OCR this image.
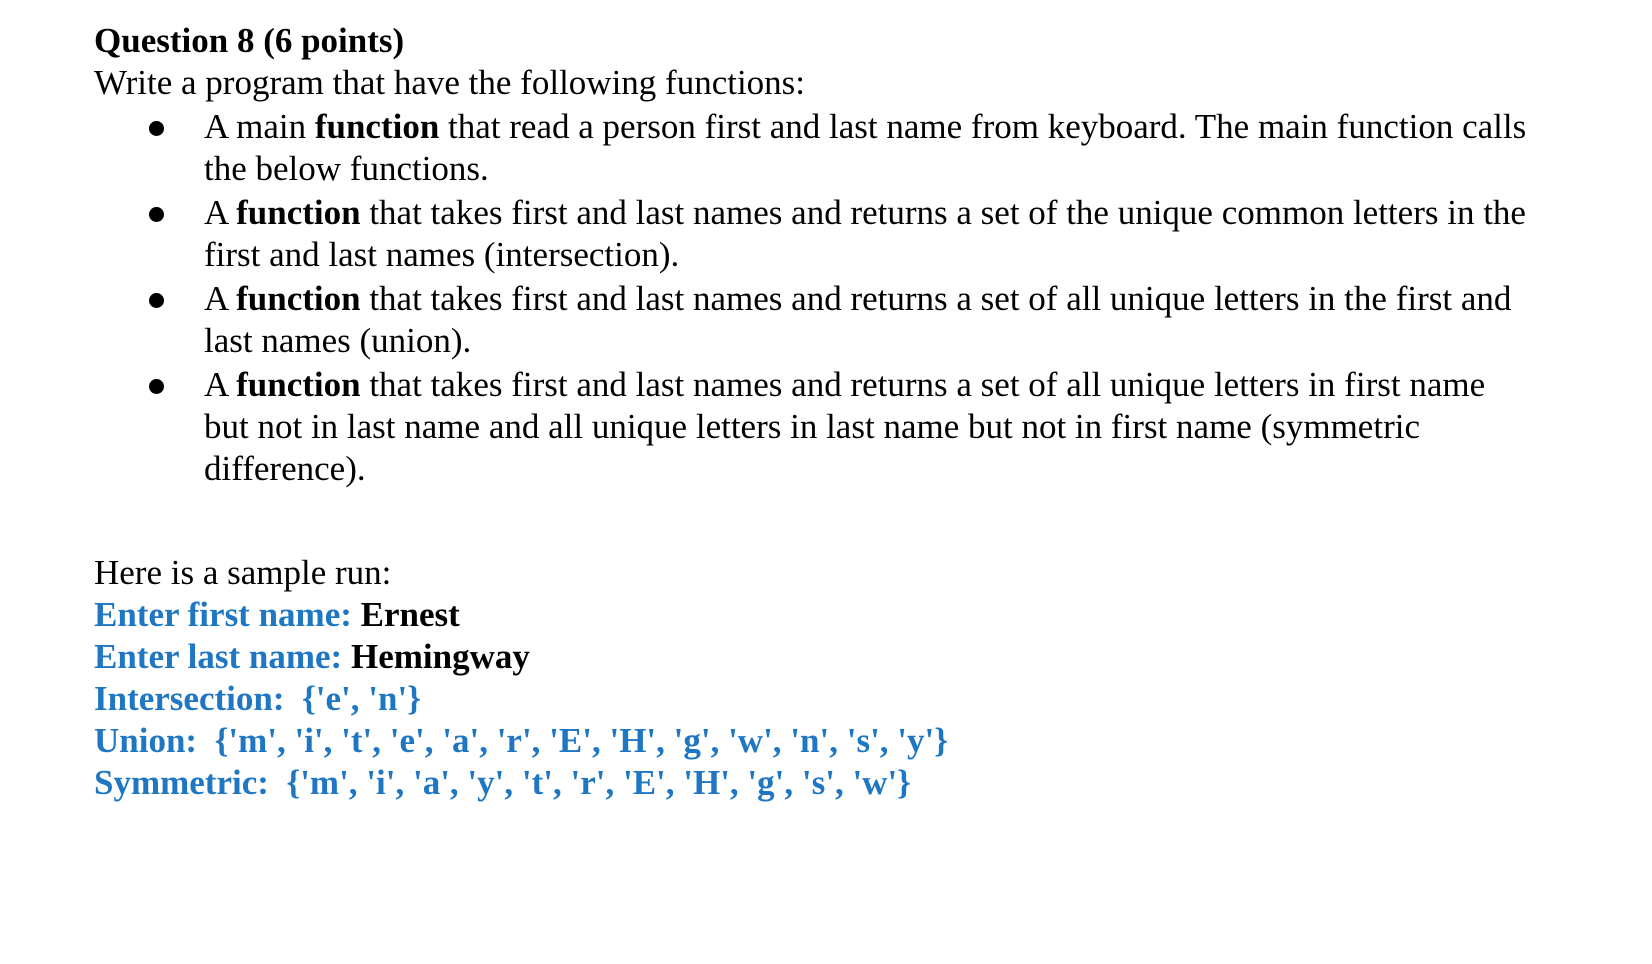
Question 8 (6 points)

Write a program that have the following functions:

A main function that read a person first and last name from keyboard. The main function calls the below functions.
A function that takes first and last names and returns a set of the unique common letters in the first and last names (intersection).
A function that takes first and last names and returns a set of all unique letters in the first and last names (union).
A function that takes first and last names and returns a set of all unique letters in first name but not in last name and all unique letters in last name but not in first name (symmetric difference).

Here is a sample run:

Enter first name: Ernest

Enter last name: Hemingway

Intersection:  {'e', 'n'}

Union:  {'m', 'i', 't', 'e', 'a', 'r', 'E', 'H', 'g', 'w', 'n', 's', 'y'}

Symmetric:  {'m', 'i', 'a', 'y', 't', 'r', 'E', 'H', 'g', 's', 'w'}
